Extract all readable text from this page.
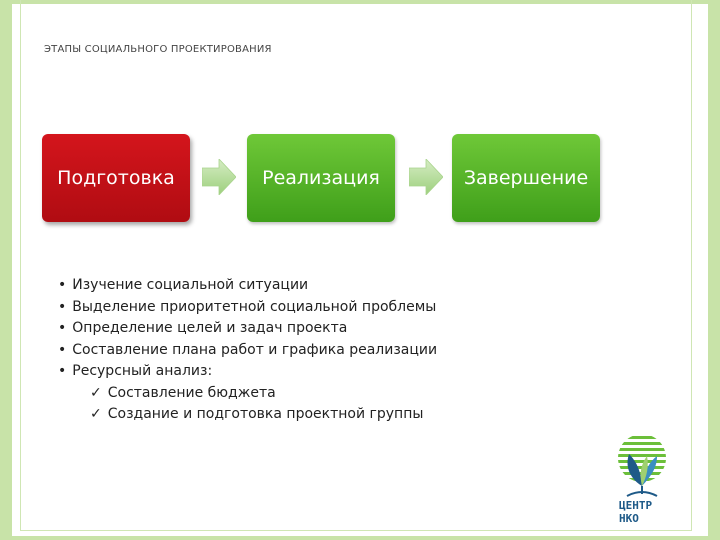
ЭТАПЫ СОЦИАЛЬНОГО ПРОЕКТИРОВАНИЯ
Подготовка	Реализация	Завершение
• Изучение социальной ситуации
• Выделение приоритетной социальной проблемы
• Определение целей и задач проекта
• Составление плана работ и графика реализации
• Ресурсный анализ:
✓ Составление бюджета
✓ Создание и подготовка проектной группы
ЦЕНТР
НКО
